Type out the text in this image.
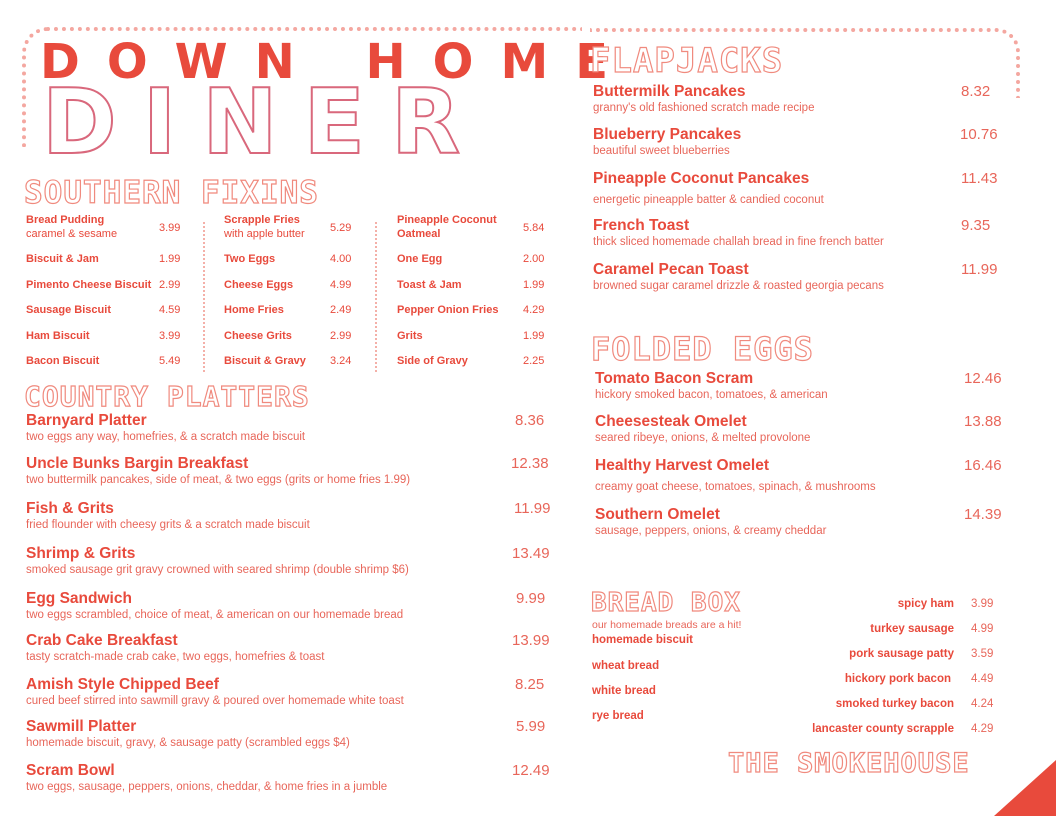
DOWN HOME
DINER
SOUTHERN FIXINS
Bread Pudding
caramel & sesame	3.99
Biscuit & Jam	1.99
Pimento Cheese Biscuit 2.99
Sausage Biscuit	4.59
Ham Biscuit	3.99
Bacon Biscuit	5.49
Scrapple Fries
with apple butter 5.29
Two Eggs	4.00
Cheese Eggs	4.99
Home Fries	2.49
Cheese Grits	2.99
Biscuit & Gravy 3.24
Pineapple Coconut
Oatmeal	5.84
One Egg	2.00
Toast & Jam	1.99
Pepper Onion Fries 4.29
Grits	1.99
Side of Gravy	2.25
COUNTRY PLATTERS
Barnyard Platter
two eggs any way, homefries, & a scratch made biscuit
8.36
Uncle Bunks Bargin Breakfast
two buttermilk pancakes, side of meat, & two eggs (grits or home fries 1.99)
12.38
Fish & Grits
fried flounder with cheesy grits & a scratch made biscuit
11.99
Shrimp & Grits
smoked sausage grit gravy crowned with seared shrimp (double shrimp $6)
13.49
Egg Sandwich
two eggs scrambled, choice of meat, & american on our homemade bread
9.99
Crab Cake Breakfast
tasty scratch-made crab cake, two eggs, homefries & toast
13.99
Amish Style Chipped Beef
cured beef stirred into sawmill gravy & poured over homemade white toast
8.25
Sawmill Platter
homemade biscuit, gravy, & sausage patty (scrambled eggs $4)
5.99
Scram Bowl
two eggs, sausage, peppers, onions, cheddar, & home fries in a jumble
12.49
FLAPJACKS
Buttermilk Pancakes
granny's old fashioned scratch made recipe
8.32
Blueberry Pancakes
beautiful sweet blueberries
10.76
Pineapple Coconut Pancakes
energetic pineapple batter & candied coconut
11.43
French Toast
thick sliced homemade challah bread in fine french batter
9.35
Caramel Pecan Toast
browned sugar caramel drizzle & roasted georgia pecans
11.99
FOLDED EGGS
Tomato Bacon Scram
hickory smoked bacon, tomatoes, & american
12.46
Cheesesteak Omelet
seared ribeye, onions, & melted provolone
13.88
Healthy Harvest Omelet
creamy goat cheese, tomatoes, spinach, & mushrooms
16.46
Southern Omelet
sausage, peppers, onions, & creamy cheddar
14.39
BREAD BOX
our homemade breads are a hit!
homemade biscuit
wheat bread
white bread
rye bread
spicy ham 3.99
turkey sausage 4.99
pork sausage patty 3.59
hickory pork bacon 4.49
smoked turkey bacon 4.24
lancaster county scrapple 4.29
THE SMOKEHOUSE
